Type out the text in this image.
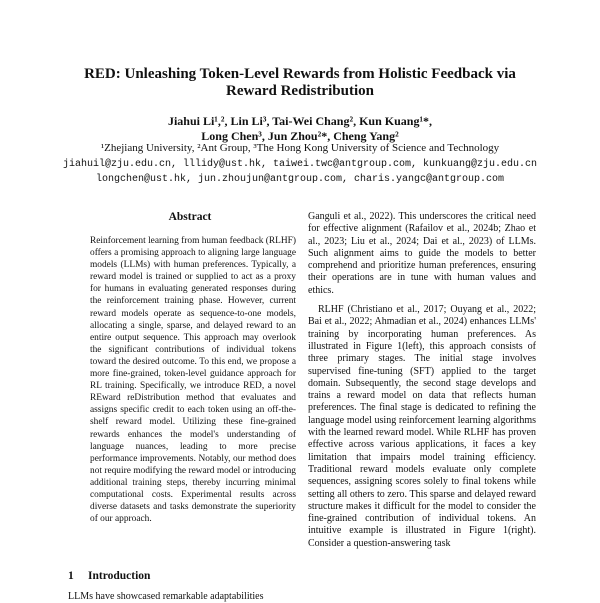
RED: Unleashing Token-Level Rewards from Holistic Feedback via Reward Redistribution
Jiahui Li¹,², Lin Li³, Tai-Wei Chang², Kun Kuang¹*,
Long Chen³, Jun Zhou²*, Cheng Yang²
¹Zhejiang University, ²Ant Group, ³The Hong Kong University of Science and Technology
jiahuil@zju.edu.cn, lllidy@ust.hk, taiwei.twc@antgroup.com, kunkuang@zju.edu.cn
longchen@ust.hk, jun.zhoujun@antgroup.com, charis.yangc@antgroup.com
Abstract
Reinforcement learning from human feedback (RLHF) offers a promising approach to aligning large language models (LLMs) with human preferences. Typically, a reward model is trained or supplied to act as a proxy for humans in evaluating generated responses during the reinforcement training phase. However, current reward models operate as sequence-to-one models, allocating a single, sparse, and delayed reward to an entire output sequence. This approach may overlook the significant contributions of individual tokens toward the desired outcome. To this end, we propose a more fine-grained, token-level guidance approach for RL training. Specifically, we introduce RED, a novel REward reDistribution method that evaluates and assigns specific credit to each token using an off-the-shelf reward model. Utilizing these fine-grained rewards enhances the model's understanding of language nuances, leading to more precise performance improvements. Notably, our method does not require modifying the reward model or introducing additional training steps, thereby incurring minimal computational costs. Experimental results across diverse datasets and tasks demonstrate the superiority of our approach.
1 Introduction
LLMs have showcased remarkable adaptabilities

Ganguli et al., 2022). This underscores the critical need for effective alignment (Rafailov et al., 2024b; Zhao et al., 2023; Liu et al., 2024; Dai et al., 2023) of LLMs. Such alignment aims to guide the models to better comprehend and prioritize human preferences, ensuring their operations are in tune with human values and ethics.

RLHF (Christiano et al., 2017; Ouyang et al., 2022; Bai et al., 2022; Ahmadian et al., 2024) enhances LLMs' training by incorporating human preferences. As illustrated in Figure 1(left), this approach consists of three primary stages. The initial stage involves supervised fine-tuning (SFT) applied to the target domain. Subsequently, the second stage develops and trains a reward model on data that reflects human preferences. The final stage is dedicated to refining the language model using reinforcement learning algorithms with the learned reward model. While RLHF has proven effective across various applications, it faces a key limitation that impairs model training efficiency. Traditional reward models evaluate only complete sequences, assigning scores solely to final tokens while setting all others to zero. This sparse and delayed reward structure makes it difficult for the model to consider the fine-grained contribution of individual tokens. An intuitive example is illustrated in Figure 1(right). Consider a question-answering task
